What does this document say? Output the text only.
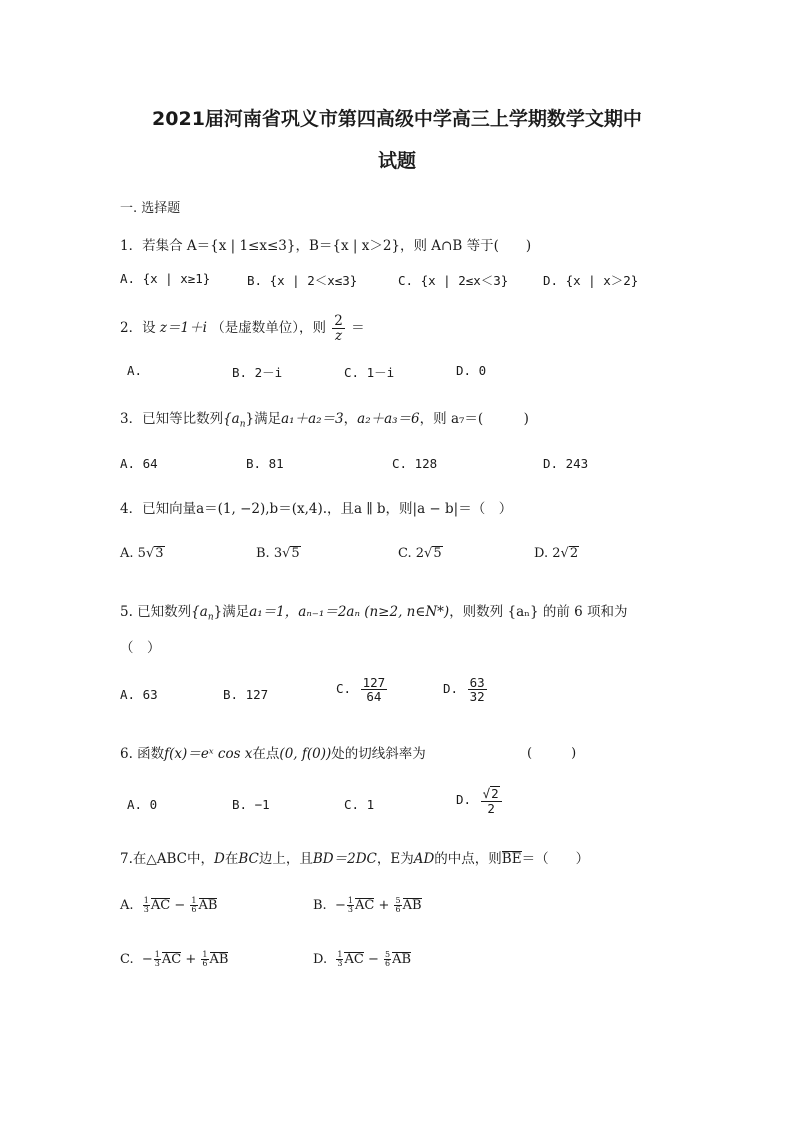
2021届河南省巩义市第四高级中学高三上学期数学文期中
试题
一. 选择题
1．若集合 A＝{x | 1≤x≤3}，B＝{x | x＞2}，则 A∩B 等于(　　)
A. {x | x≥1}	B. {x | 2＜x≤3}	C. {x | 2≤x＜3}	D. {x | x＞2}
2．设 z＝1＋i （是虚数单位），则 $\frac{2}{z}$ ＝
A.	B. 2－i	C. 1－i	D. 0
3．已知等比数列$\{a_n\}$满足a₁＋a₂＝3，a₂＋a₃＝6，则 a₇＝(　　　)
A. 64	B. 81	C. 128	D. 243
4．已知向量a＝(1, −2),b＝(x,4).，且a ∥ b，则|a − b|＝（　）
A. 5√3	B. 3√5	C. 2√5	D. 2√2
5. 已知数列$\{a_n\}$满足a₁＝1，aₙ₋₁＝2aₙ (n≥2, n∈N*)，则数列 {aₙ} 的前 6 项和为
（　）
A. 63	B. 127	C. $\frac{127}{64}$	D. $\frac{63}{32}$
6. 函数f(x)＝eˣ cos x在点(0, f(0))处的切线斜率为	(　　　)
A. 0	B. −1	C. 1	D. $\frac{√2}{2}$
7.在△ABC中，D在BC边上，且BD＝2DC，E为AD的中点，则BE＝（　　）
A. $\frac{1}{3}$ AC − $\frac{1}{6}$ AB	B. − $\frac{1}{3}$ AC + $\frac{5}{6}$ AB
C. − $\frac{1}{3}$ AC + $\frac{1}{6}$ AB	D. $\frac{1}{3}$ AC − $\frac{5}{6}$ AB
